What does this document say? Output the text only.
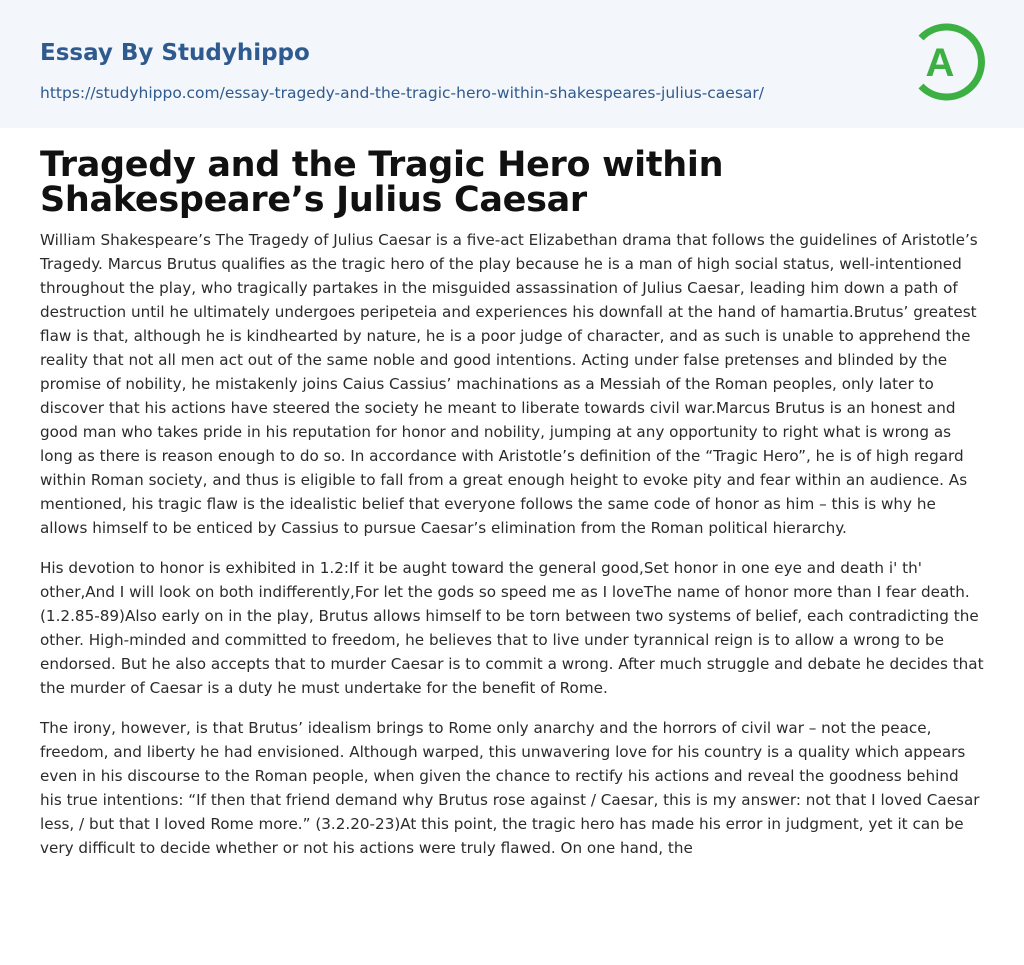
Essay By Studyhippo
https://studyhippo.com/essay-tragedy-and-the-tragic-hero-within-shakespeares-julius-caesar/
A
Tragedy and the Tragic Hero within Shakespeare’s Julius Caesar

William Shakespeare’s The Tragedy of Julius Caesar is a five-act Elizabethan drama that follows the guidelines of Aristotle’s Tragedy. Marcus Brutus qualifies as the tragic hero of the play because he is a man of high social status, well-intentioned throughout the play, who tragically partakes in the misguided assassination of Julius Caesar, leading him down a path of destruction until he ultimately undergoes peripeteia and experiences his downfall at the hand of hamartia.Brutus’ greatest flaw is that, although he is kindhearted by nature, he is a poor judge of character, and as such is unable to apprehend the reality that not all men act out of the same noble and good intentions. Acting under false pretenses and blinded by the promise of nobility, he mistakenly joins Caius Cassius’ machinations as a Messiah of the Roman peoples, only later to discover that his actions have steered the society he meant to liberate towards civil war.Marcus Brutus is an honest and good man who takes pride in his reputation for honor and nobility, jumping at any opportunity to right what is wrong as long as there is reason enough to do so. In accordance with Aristotle’s definition of the “Tragic Hero”, he is of high regard within Roman society, and thus is eligible to fall from a great enough height to evoke pity and fear within an audience. As mentioned, his tragic flaw is the idealistic belief that everyone follows the same code of honor as him – this is why he allows himself to be enticed by Cassius to pursue Caesar’s elimination from the Roman political hierarchy.

His devotion to honor is exhibited in 1.2:If it be aught toward the general good,Set honor in one eye and death i' th' other,And I will look on both indifferently,For let the gods so speed me as I loveThe name of honor more than I fear death. (1.2.85-89)Also early on in the play, Brutus allows himself to be torn between two systems of belief, each contradicting the other. High-minded and committed to freedom, he believes that to live under tyrannical reign is to allow a wrong to be endorsed. But he also accepts that to murder Caesar is to commit a wrong. After much struggle and debate he decides that the murder of Caesar is a duty he must undertake for the benefit of Rome.

The irony, however, is that Brutus’ idealism brings to Rome only anarchy and the horrors of civil war – not the peace, freedom, and liberty he had envisioned. Although warped, this unwavering love for his country is a quality which appears even in his discourse to the Roman people, when given the chance to rectify his actions and reveal the goodness behind his true intentions: “If then that friend demand why Brutus rose against / Caesar, this is my answer: not that I loved Caesar less, / but that I loved Rome more.” (3.2.20-23)At this point, the tragic hero has made his error in judgment, yet it can be very difficult to decide whether or not his actions were truly flawed. On one hand, the
